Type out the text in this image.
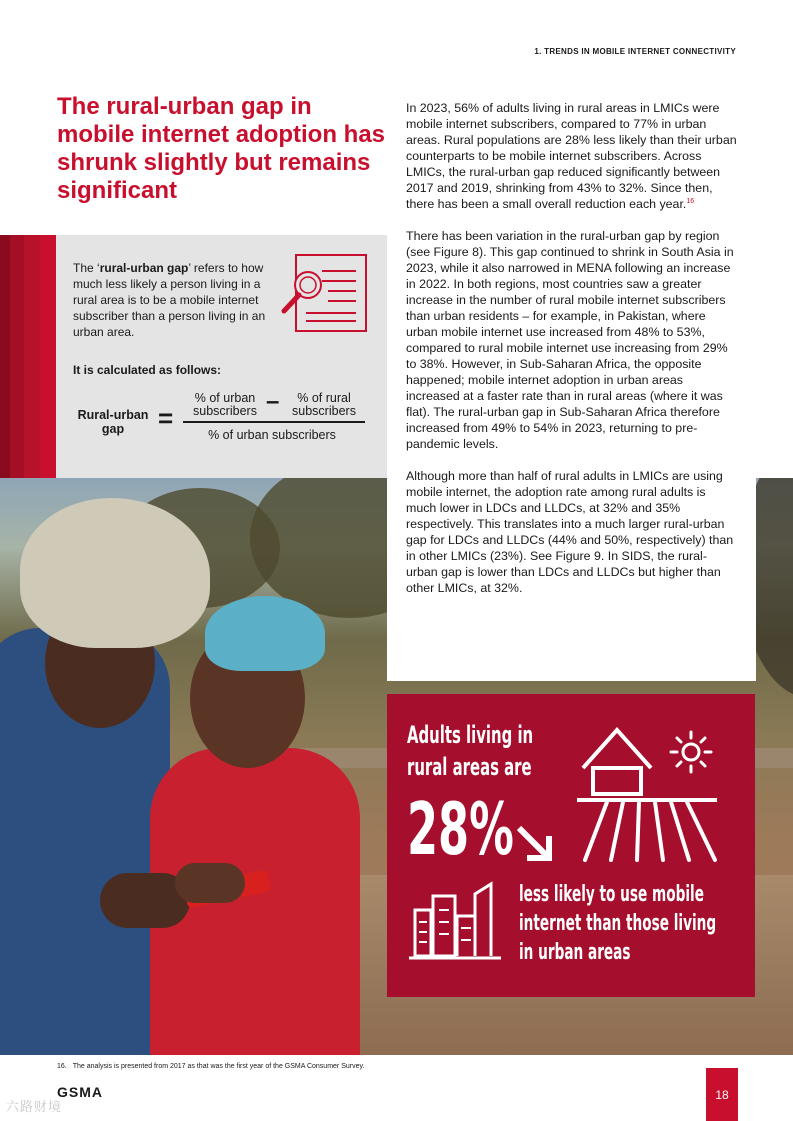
1. TRENDS IN MOBILE INTERNET CONNECTIVITY
The rural-urban gap in mobile internet adoption has shrunk slightly but remains significant
The ‘rural-urban gap’ refers to how much less likely a person living in a rural area is to be a mobile internet subscriber than a person living in an urban area.
It is calculated as follows:
Rural-urban gap	=
% of urban subscribers –	% of rural subscribers
% of urban subscribers

In 2023, 56% of adults living in rural areas in LMICs were mobile internet subscribers, compared to 77% in urban areas. Rural populations are 28% less likely than their urban counterparts to be mobile internet subscribers. Across LMICs, the rural-urban gap reduced significantly between 2017 and 2019, shrinking from 43% to 32%. Since then, there has been a small overall reduction each year.$^{16}$

There has been variation in the rural-urban gap by region (see Figure 8). This gap continued to shrink in South Asia in 2023, while it also narrowed in MENA following an increase in 2022. In both regions, most countries saw a greater increase in the number of rural mobile internet subscribers than urban residents – for example, in Pakistan, where urban mobile internet use increased from 48% to 53%, compared to rural mobile internet use increasing from 29% to 38%. However, in Sub-Saharan Africa, the opposite happened; mobile internet adoption in urban areas increased at a faster rate than in rural areas (where it was flat). The rural-urban gap in Sub-Saharan Africa therefore increased from 49% to 54% in 2023, returning to pre-pandemic levels.

Although more than half of rural adults in LMICs are using mobile internet, the adoption rate among rural adults is much lower in LDCs and LLDCs, at 32% and 35% respectively. This translates into a much larger rural-urban gap for LDCs and LLDCs (44% and 50%, respectively) than in other LMICs (23%). See Figure 9. In SIDS, the rural-urban gap is lower than LDCs and LLDCs but higher than other LMICs, at 32%.

Adults living in
rural areas are
28%
less likely to use mobile
internet than those living
in urban areas
16. The analysis is presented from 2017 as that was the first year of the GSMA Consumer Survey.
GSMA
六路财境
18
